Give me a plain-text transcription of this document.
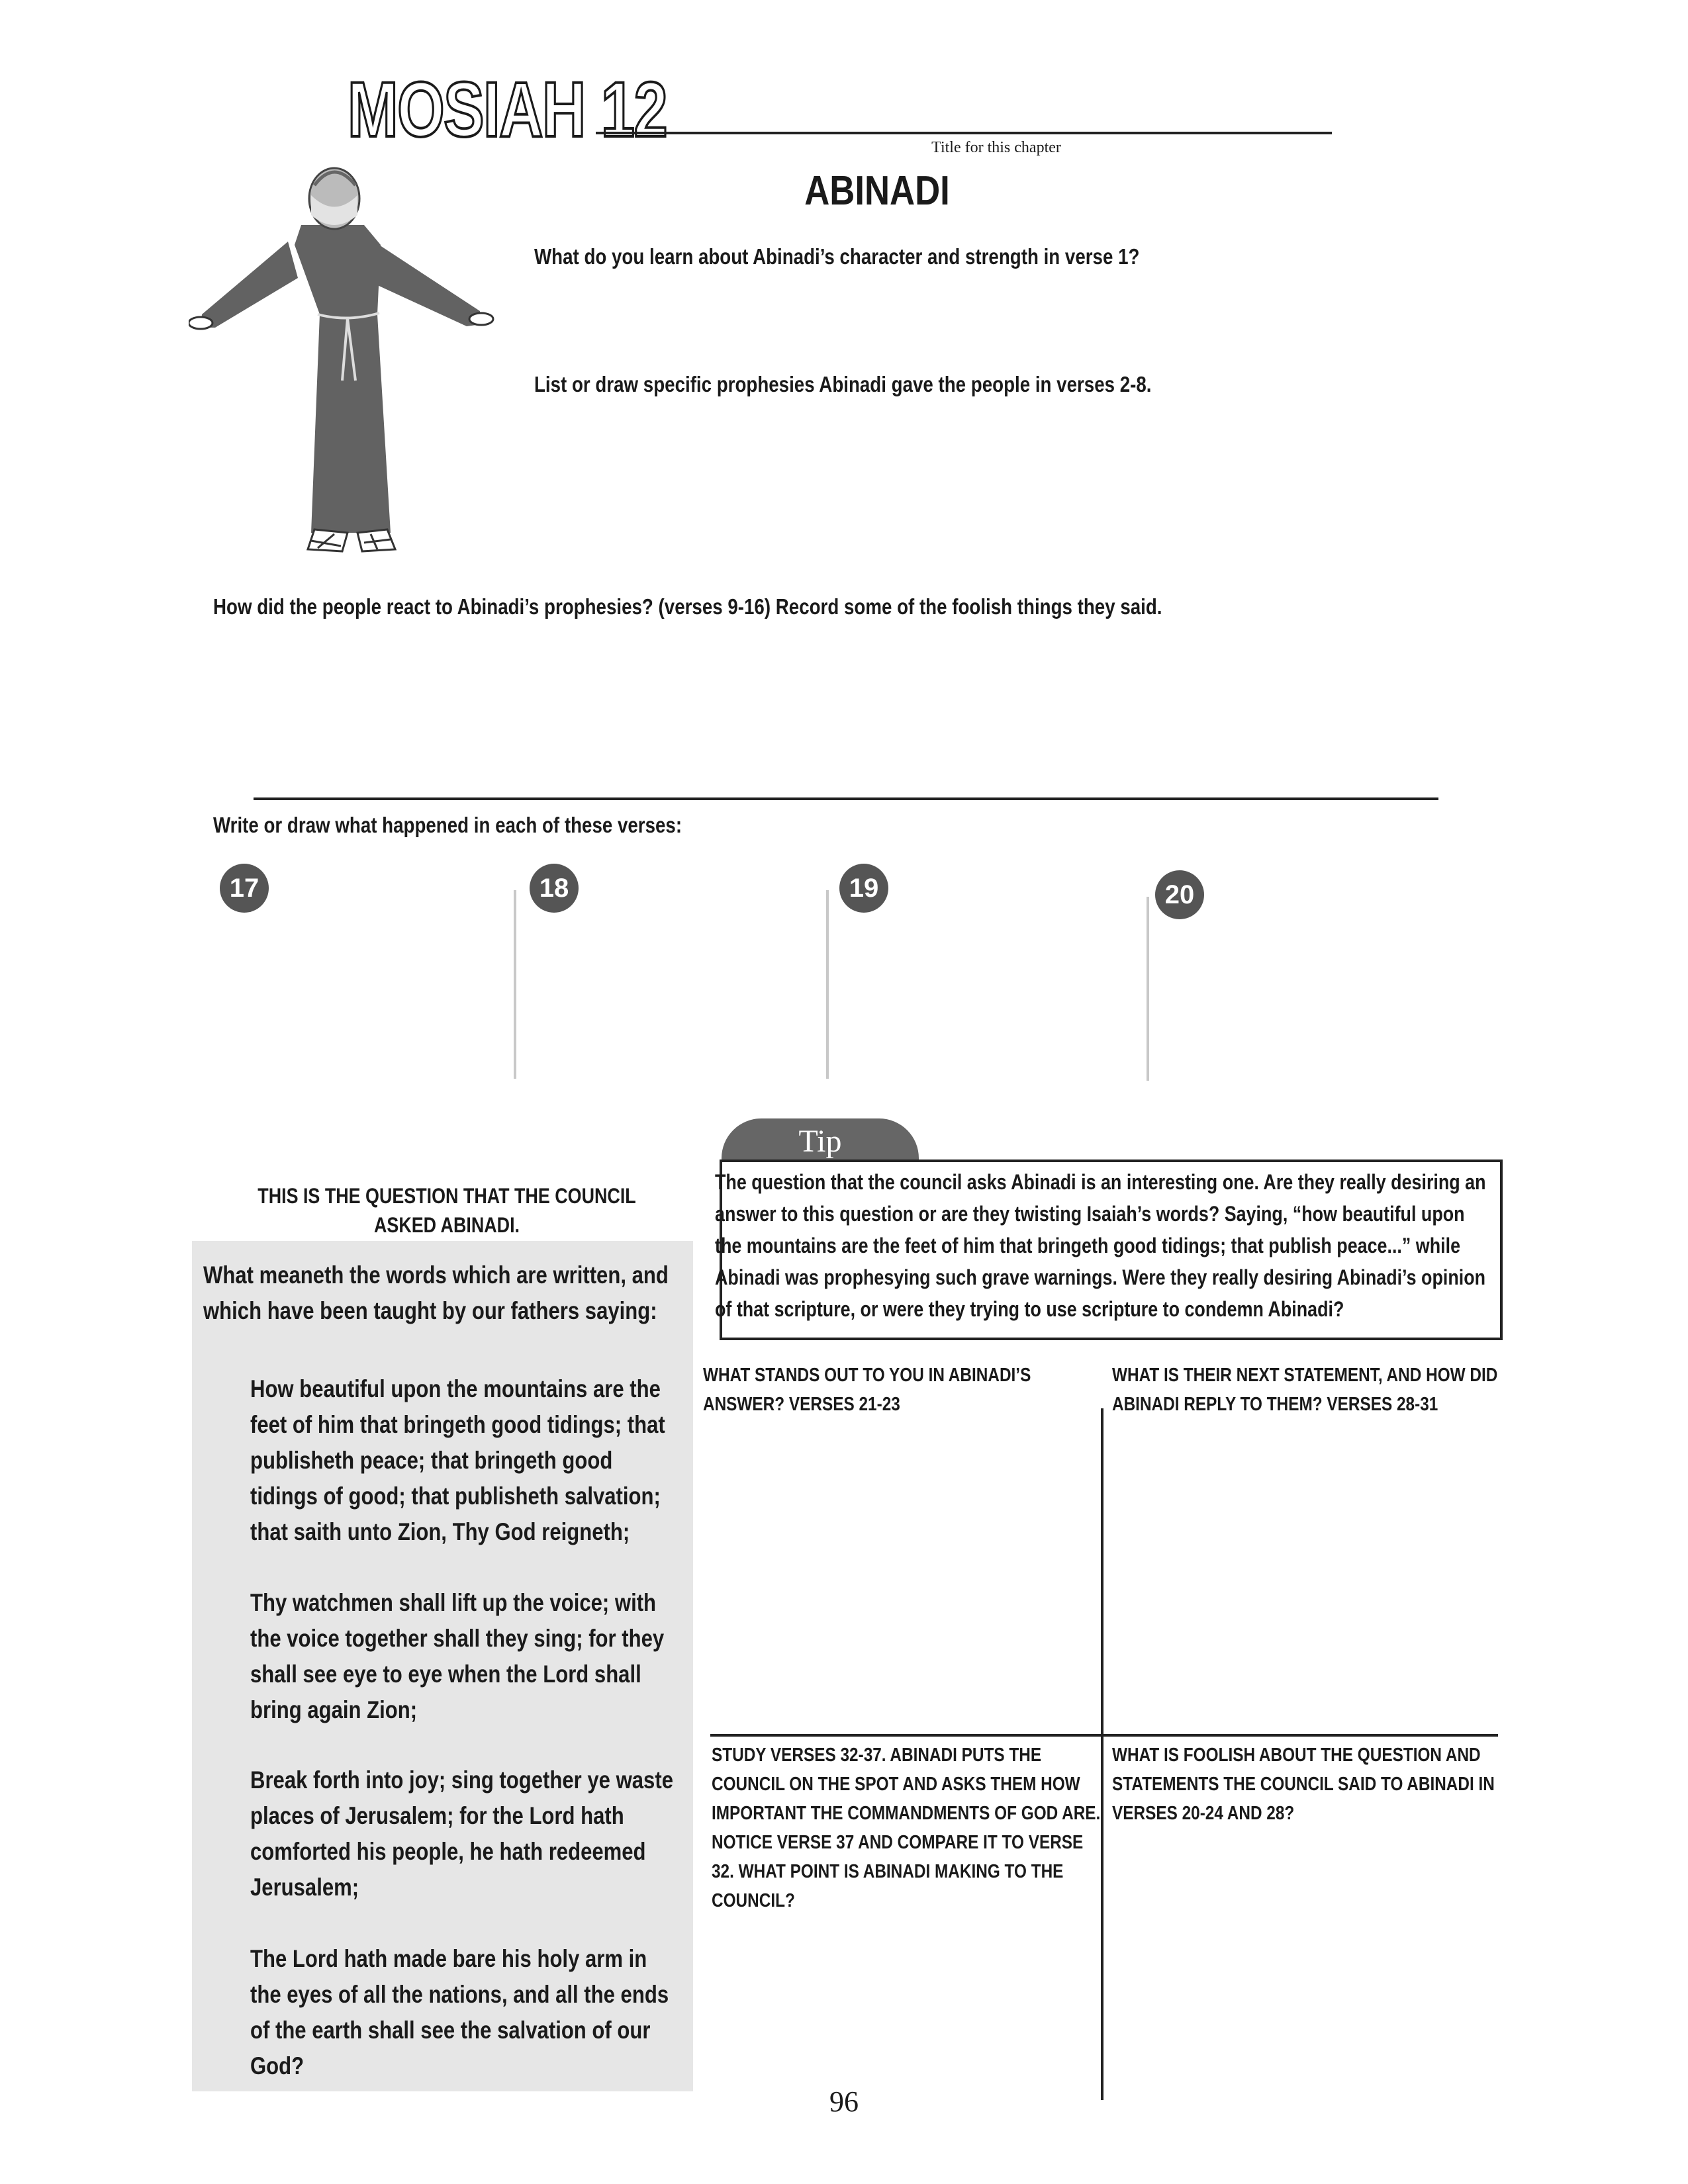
MOSIAH 12	Title for this chapter
ABINADI
What do you learn about Abinadi’s character and strength in verse 1?
List or draw specific prophesies Abinadi gave the people in verses 2-8.
How did the people react to Abinadi’s prophesies? (verses 9-16) Record some of the foolish things they said.
Write or draw what happened in each of these verses:
17	18	19	20
Tip
The question that the council asks Abinadi is an interesting one. Are they really desiring an answer to this question or are they twisting Isaiah’s words? Saying, “how beautiful upon the mountains are the feet of him that bringeth good tidings; that publish peace...” while Abinadi was prophesying such grave warnings. Were they really desiring Abinadi’s opinion of that scripture, or were they trying to use scripture to condemn Abinadi?
THIS IS THE QUESTION THAT THE COUNCIL ASKED ABINADI.

What meaneth the words which are written, and which have been taught by our fathers saying:
How beautiful upon the mountains are the feet of him that bringeth good tidings; that publisheth peace; that bringeth good tidings of good; that publisheth salvation; that saith unto Zion, Thy God reigneth;
Thy watchmen shall lift up the voice; with the voice together shall they sing; for they shall see eye to eye when the Lord shall bring again Zion;
Break forth into joy; sing together ye waste places of Jerusalem; for the Lord hath comforted his people, he hath redeemed Jerusalem;
The Lord hath made bare his holy arm in the eyes of all the nations, and all the ends of the earth shall see the salvation of our God?
WHAT STANDS OUT TO YOU IN ABINADI’S ANSWER? VERSES 21-23
WHAT IS THEIR NEXT STATEMENT, AND HOW DID ABINADI REPLY TO THEM? VERSES 28-31
STUDY VERSES 32-37. ABINADI PUTS THE COUNCIL ON THE SPOT AND ASKS THEM HOW IMPORTANT THE COMMANDMENTS OF GOD ARE. NOTICE VERSE 37 AND COMPARE IT TO VERSE 32. WHAT POINT IS ABINADI MAKING TO THE COUNCIL?
WHAT IS FOOLISH ABOUT THE QUESTION AND STATEMENTS THE COUNCIL SAID TO ABINADI IN VERSES 20-24 AND 28?
96
